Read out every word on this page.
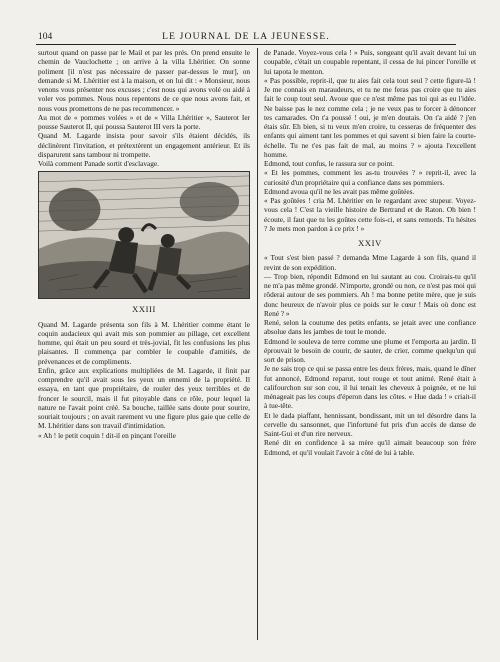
104	LE JOURNAL DE LA JEUNESSE.

surtout quand on passe par le Mail et par les prés. On prend ensuite le chemin de Vauclochette ; on arrive à la villa Lhéritier. On sonne poliment [il n'est pas nécessaire de passer par-dessus le mur], on demande si M. Lhéritier est à la maison, et on lui dit : « Monsieur, nous venons vous présenter nos excuses ; c'est nous qui avons volé ou aidé à voler vos pommes. Nous nous repentons de ce que nous avons fait, et nous vous promettons de ne pas recommencer. »

Au mot de « pommes volées » et de « Villa Lhéritier », Sauterot Ier pousse Sauterot II, qui poussa Sauterot III vers la porte.

Quand M. Lagarde insista pour savoir s'ils étaient décidés, ils déclinèrent l'invitation, et prétextèrent un engagement antérieur. Et ils disparurent sans tambour ni trompette.

Voilà comment Panade sortit d'esclavage.

XXIII

Quand M. Lagarde présenta son fils à M. Lhéritier comme étant le coquin audacieux qui avait mis son pommier au pillage, cet excellent homme, qui était un peu sourd et très-jovial, fit les confusions les plus plaisantes. Il commença par combler le coupable d'amitiés, de prévenances et de compliments.

Enfin, grâce aux explications multipliées de M. Lagarde, il finit par comprendre qu'il avait sous les yeux un ennemi de la propriété. Il essaya, en tant que propriétaire, de rouler des yeux terribles et de froncer le sourcil, mais il fut pitoyable dans ce rôle, pour lequel la nature ne l'avait point créé. Sa bouche, taillée sans doute pour sourire, souriait toujours ; on avait rarement vu une figure plus gaie que celle de M. Lhéritier dans son travail d'intimidation.

« Ah ! le petit coquin ! dit-il en pinçant l'oreille

de Panade. Voyez-vous cela ! » Puis, songeant qu'il avait devant lui un coupable, c'était un coupable repentant, il cessa de lui pincer l'oreille et lui tapota le menton.

« Pas possible, reprit-il, que tu aies fait cela tout seul ? cette figure-là ! Je me connais en maraudeurs, et tu ne me feras pas croire que tu aies fait le coup tout seul. Avoue que ce n'est même pas toi qui as eu l'idée. Ne baisse pas le nez comme cela ; je ne veux pas te forcer à dénoncer tes camarades. On t'a poussé ! oui, je m'en doutais. On t'a aidé ? j'en étais sûr. Eh bien, si tu veux m'en croire, tu cesseras de fréquenter des enfants qui aiment tant les pommes et qui savent si bien faire la courte-échelle. Tu ne t'es pas fait de mal, au moins ? » ajouta l'excellent homme.

Edmond, tout confus, le rassura sur ce point.

« Et les pommes, comment les as-tu trouvées ? » reprit-il, avec la curiosité d'un propriétaire qui a confiance dans ses pommiers.

Edmond avoua qu'il ne les avait pas même goûtées.

« Pas goûtées ! cria M. Lhéritier en le regardant avec stupeur. Voyez-vous cela ! C'est la vieille histoire de Bertrand et de Raton. Oh bien ! écoute, il faut que tu les goûtes cette fois-ci, et sans remords. Tu hésites ? Je mets mon pardon à ce prix ! »

XXIV

« Tout s'est bien passé ? demanda Mme Lagarde à son fils, quand il revint de son expédition.

— Trop bien, répondit Edmond en lui sautant au cou. Croirais-tu qu'il ne m'a pas même grondé. N'importe, grondé ou non, ce n'est pas moi qui rôderai autour de ses pommiers. Ah ! ma bonne petite mère, que je suis donc heureux de n'avoir plus ce poids sur le cœur ! Mais où donc est René ? »

René, selon la coutume des petits enfants, se jetait avec une confiance absolue dans les jambes de tout le monde.

Edmond le souleva de terre comme une plume et l'emporta au jardin. Il éprouvait le besoin de courir, de sauter, de crier, comme quelqu'un qui sort de prison.

Je ne sais trop ce qui se passa entre les deux frères, mais, quand le dîner fut annoncé, Edmond reparut, tout rouge et tout animé. René était à califourchon sur son cou, il lui tenait les cheveux à poignée, et ne lui ménageait pas les coups d'éperon dans les côtes. « Hue dada ! » criait-il à tue-tête.

Et le dada piaffant, hennissant, bondissant, mit un tel désordre dans la cervelle du sansonnet, que l'infortuné fut pris d'un accès de danse de Saint-Gui et d'un rire nerveux.

René dit en confidence à sa mère qu'il aimait beaucoup son frère Edmond, et qu'il voulait l'avoir à côté de lui à table.
